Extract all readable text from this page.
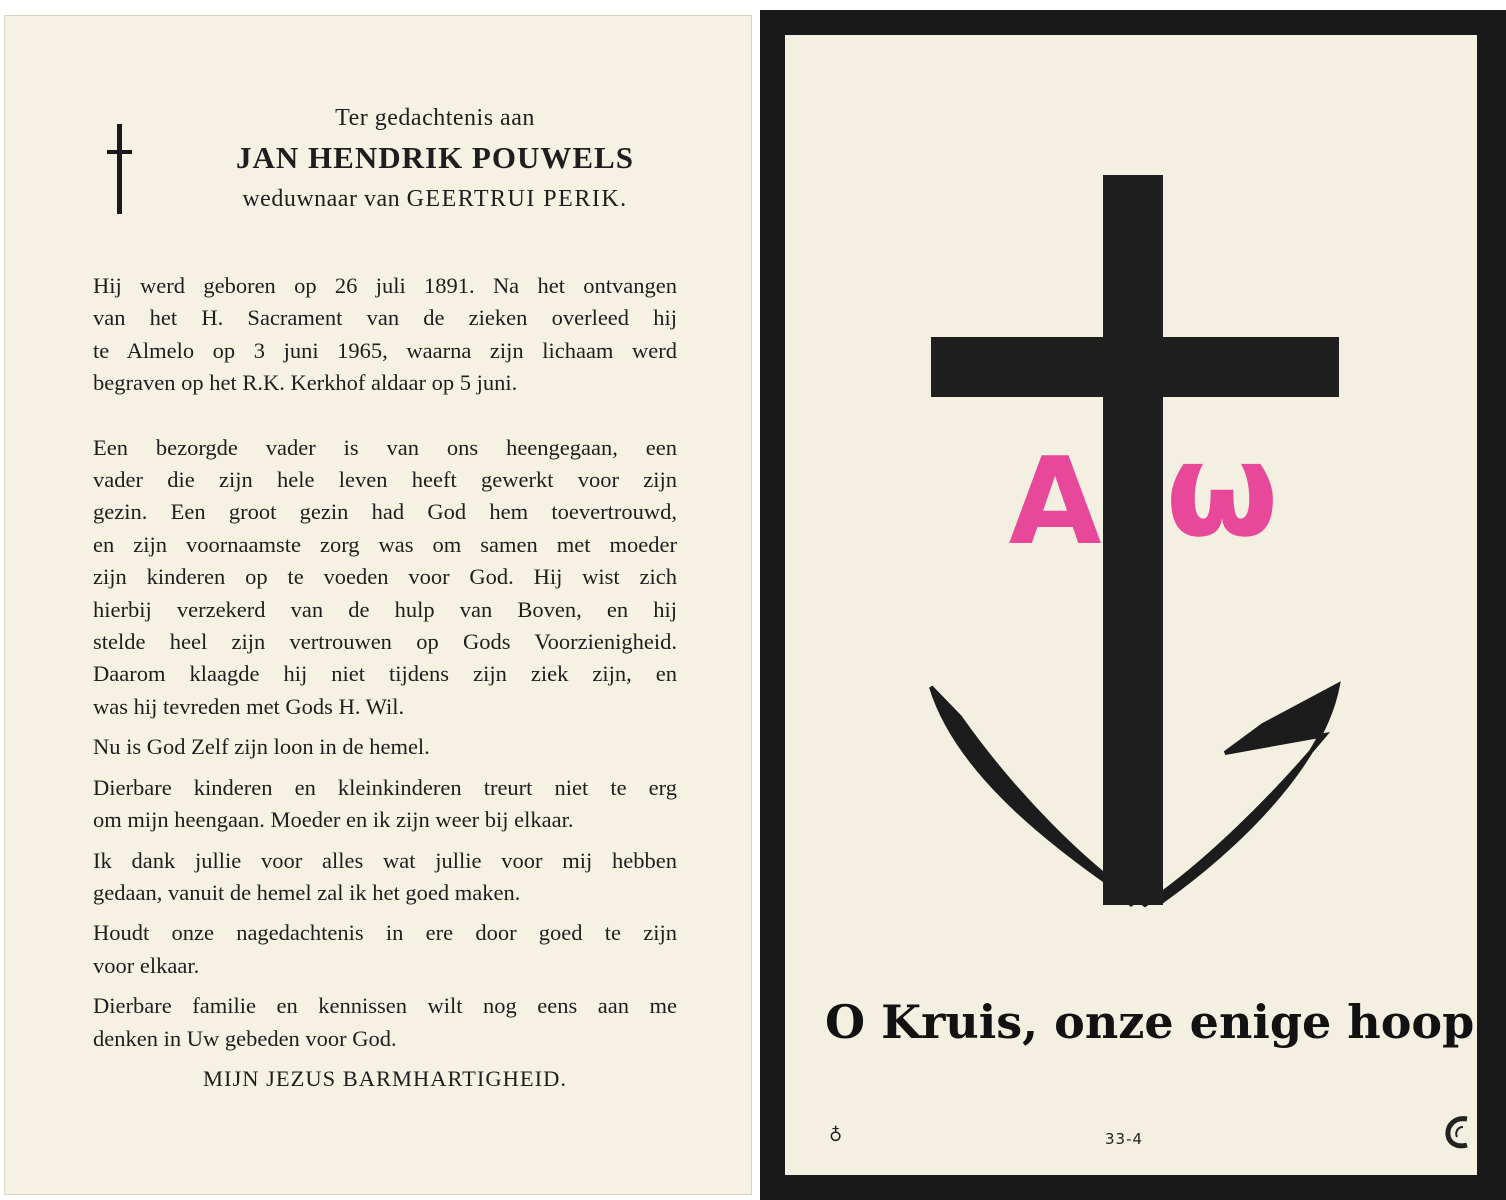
Ter gedachtenis aan
JAN HENDRIK POUWELS
weduwnaar van GEERTRUI PERIK.

Hij werd geboren op 26 juli 1891. Na het ontvangen

van het H. Sacrament van de zieken overleed hij

te Almelo op 3 juni 1965, waarna zijn lichaam werd

begraven op het R.K. Kerkhof aldaar op 5 juni.

Een bezorgde vader is van ons heengegaan, een

vader die zijn hele leven heeft gewerkt voor zijn

gezin. Een groot gezin had God hem toevertrouwd,

en zijn voornaamste zorg was om samen met moeder

zijn kinderen op te voeden voor God. Hij wist zich

hierbij verzekerd van de hulp van Boven, en hij

stelde heel zijn vertrouwen op Gods Voorzienigheid.

Daarom klaagde hij niet tijdens zijn ziek zijn, en

was hij tevreden met Gods H. Wil.

Nu is God Zelf zijn loon in de hemel.

Dierbare kinderen en kleinkinderen treurt niet te erg

om mijn heengaan. Moeder en ik zijn weer bij elkaar.

Ik dank jullie voor alles wat jullie voor mij hebben

gedaan, vanuit de hemel zal ik het goed maken.

Houdt onze nagedachtenis in ere door goed te zijn

voor elkaar.

Dierbare familie en kennissen wilt nog eens aan me

denken in Uw gebeden voor God.

MIJN JEZUS BARMHARTIGHEID.
A ω
O Kruis, onze enige hoop
♁	33-4
